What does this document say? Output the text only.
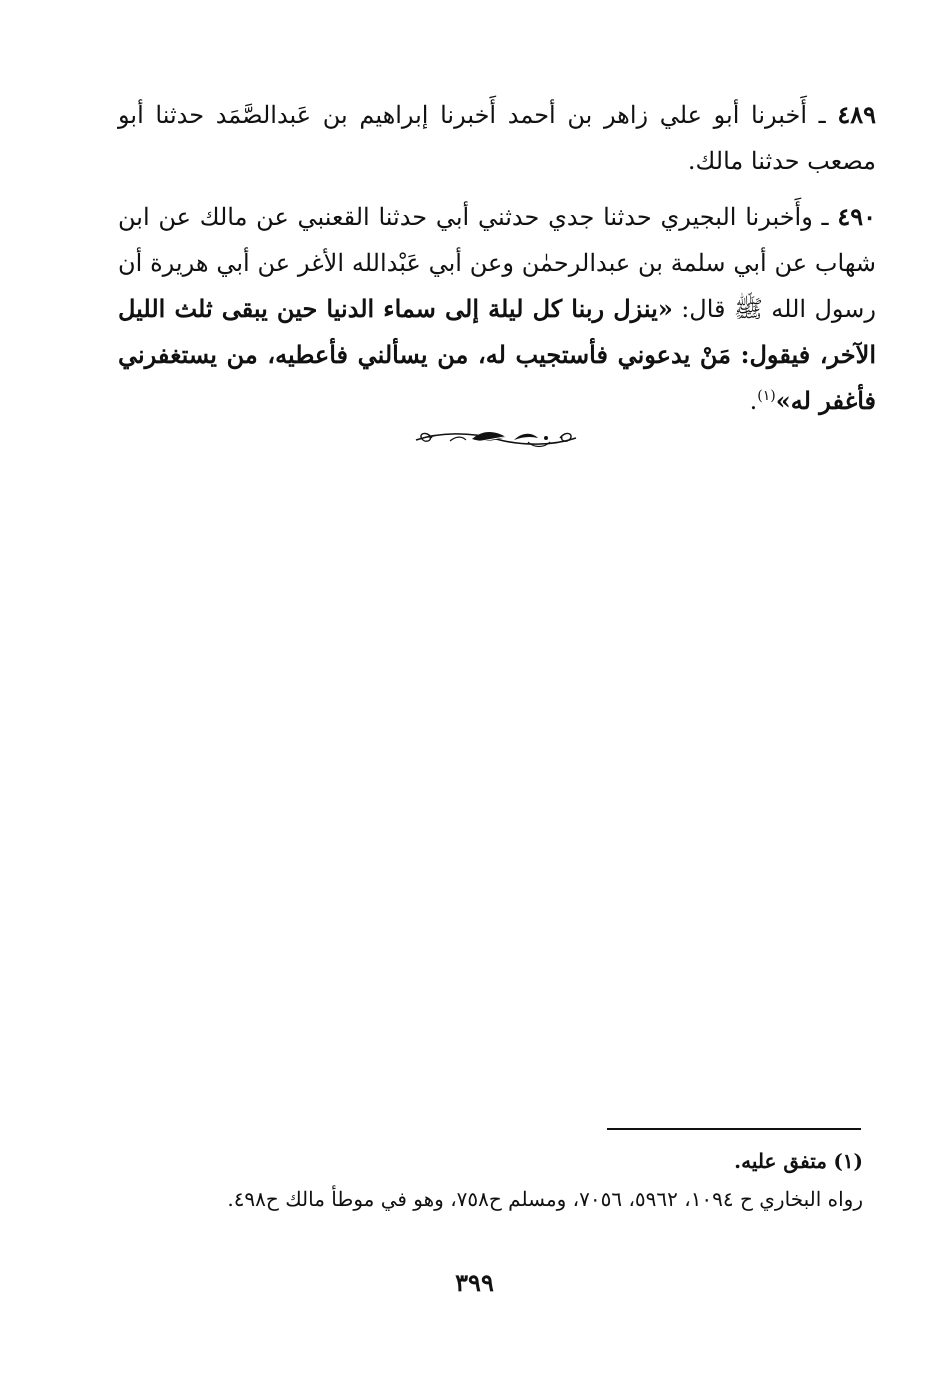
٤٨٩ ـ أَخبرنا أبو علي زاهر بن أحمد أَخبرنا إبراهيم بن عَبدالصَّمَد حدثنا أبو مصعب حدثنا مالك.

٤٩٠ ـ وأَخبرنا البجيري حدثنا جدي حدثني أبي حدثنا القعنبي عن مالك عن ابن شهاب عن أبي سلمة بن عبدالرحمٰن وعن أبي عَبْدالله الأغر عن أبي هريرة أن رسول الله ﷺ قال: «ينزل ربنا كل ليلة إلى سماء الدنيا حين يبقى ثلث الليل الآخر، فيقول: مَنْ يدعوني فأستجيب له، من يسألني فأعطيه، من يستغفرني فأغفر له»$^{(١)}$.

(١) متفق عليه.

رواه البخاري ح ١٠٩٤، ٥٩٦٢، ٧٠٥٦، ومسلم ح٧٥٨، وهو في موطأ مالك ح٤٩٨.

٣٩٩
